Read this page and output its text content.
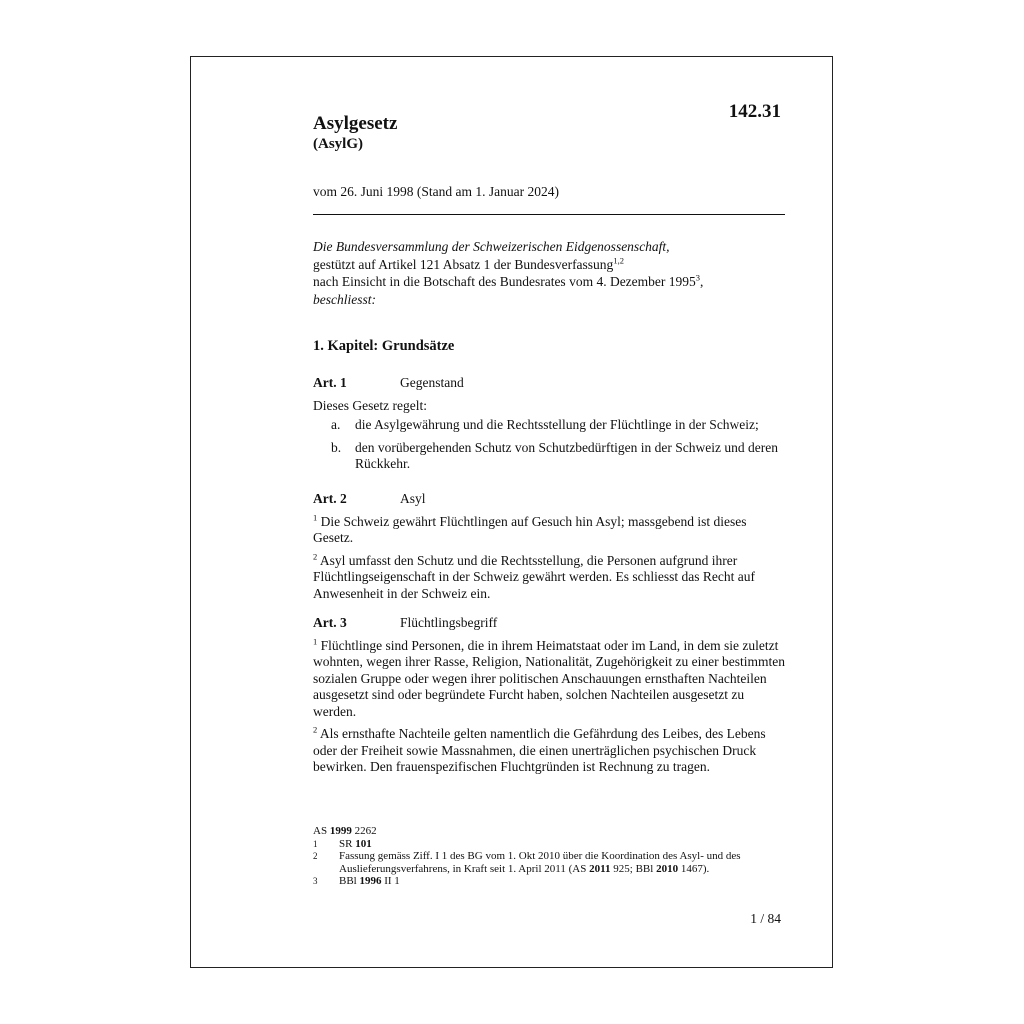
142.31
Asylgesetz
(AsylG)
vom 26. Juni 1998 (Stand am 1. Januar 2024)
Die Bundesversammlung der Schweizerischen Eidgenossenschaft,
gestützt auf Artikel 121 Absatz 1 der Bundesverfassung$^{1,2}$
nach Einsicht in die Botschaft des Bundesrates vom 4. Dezember 1995$^3$,
beschliesst:
1. Kapitel: Grundsätze
Art. 1	Gegenstand
Dieses Gesetz regelt:
a.	die Asylgewährung und die Rechtsstellung der Flüchtlinge in der Schweiz;
b.	den vorübergehenden Schutz von Schutzbedürftigen in der Schweiz und deren Rückkehr.
Art. 2	Asyl
$^1$ Die Schweiz gewährt Flüchtlingen auf Gesuch hin Asyl; massgebend ist dieses Gesetz.
$^2$ Asyl umfasst den Schutz und die Rechtsstellung, die Personen aufgrund ihrer Flüchtlingseigenschaft in der Schweiz gewährt werden. Es schliesst das Recht auf Anwesenheit in der Schweiz ein.
Art. 3	Flüchtlingsbegriff
$^1$ Flüchtlinge sind Personen, die in ihrem Heimatstaat oder im Land, in dem sie zuletzt wohnten, wegen ihrer Rasse, Religion, Nationalität, Zugehörigkeit zu einer bestimmten sozialen Gruppe oder wegen ihrer politischen Anschauungen ernsthaften Nachteilen ausgesetzt sind oder begründete Furcht haben, solchen Nachteilen ausgesetzt zu werden.
$^2$ Als ernsthafte Nachteile gelten namentlich die Gefährdung des Leibes, des Lebens oder der Freiheit sowie Massnahmen, die einen unerträglichen psychischen Druck bewirken. Den frauenspezifischen Fluchtgründen ist Rechnung zu tragen.
AS 1999 2262
1	SR 101
2	Fassung gemäss Ziff. I 1 des BG vom 1. Okt 2010 über die Koordination des Asyl- und des Auslieferungsverfahrens, in Kraft seit 1. April 2011 (AS 2011 925; BBl 2010 1467).
3	BBl 1996 II 1
1 / 84
